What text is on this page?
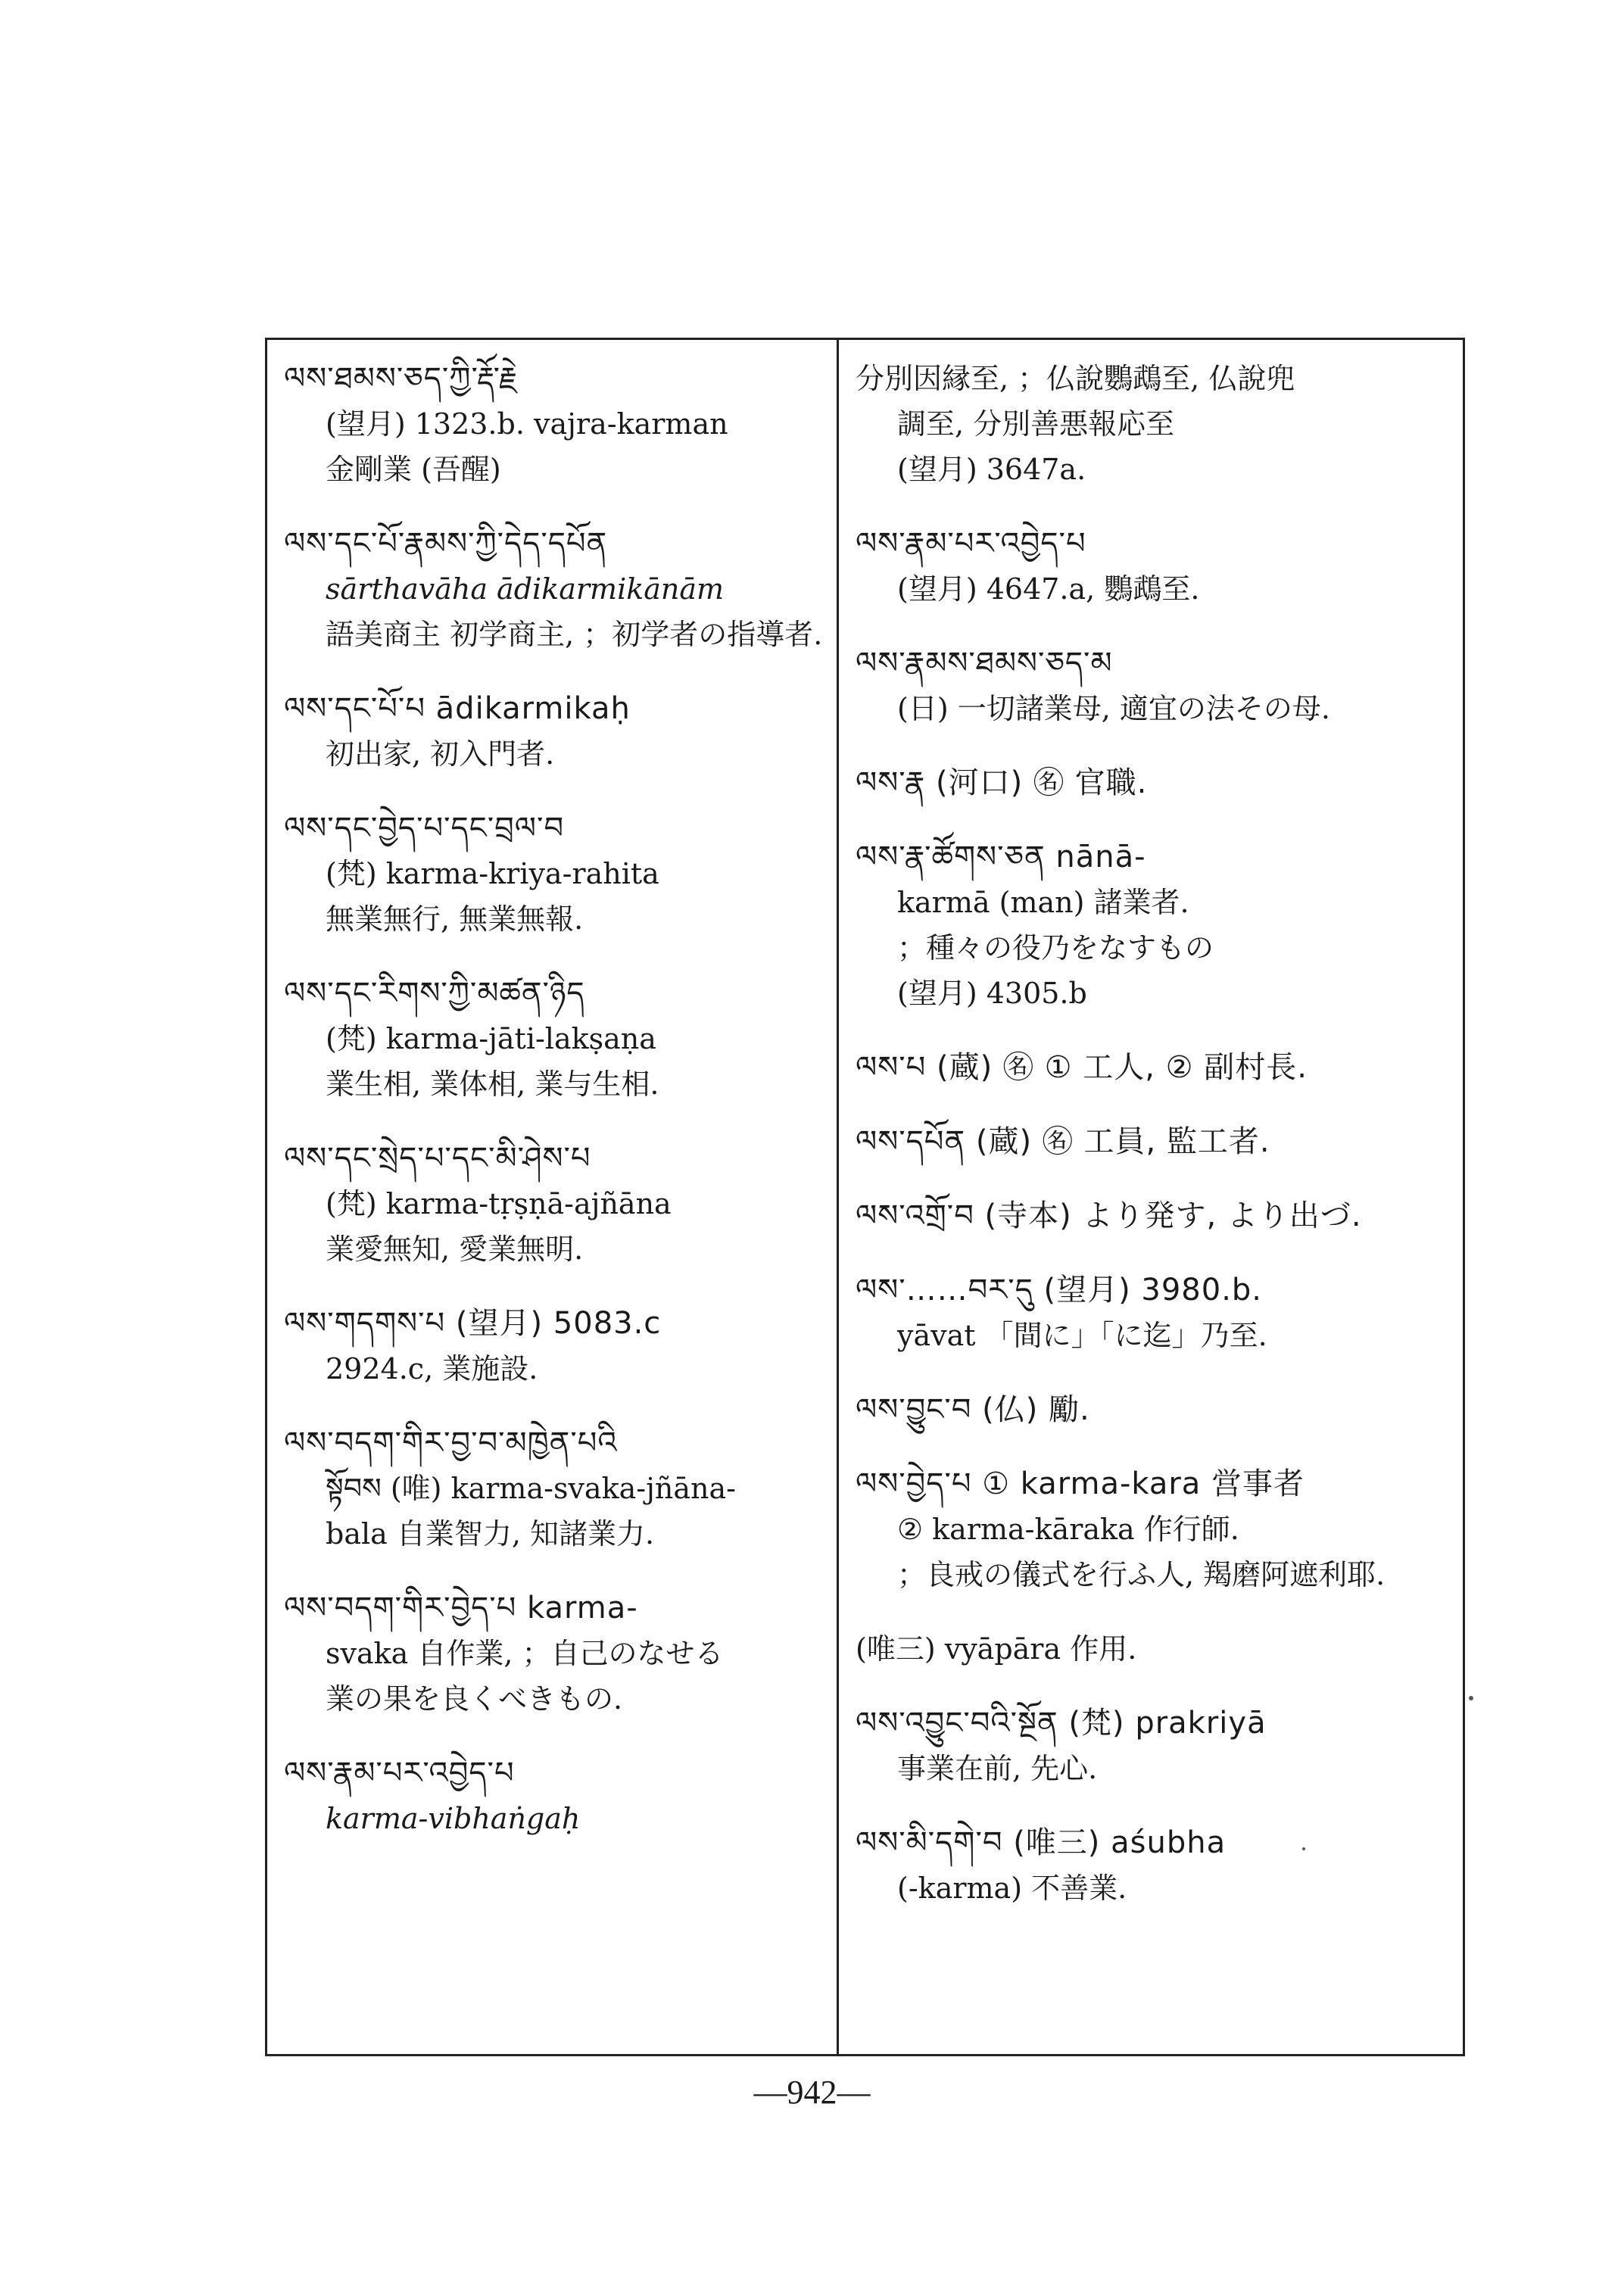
ལས་ཐམས་ཅད་ཀྱི་རྡོ་རྗེ
(望月) 1323.b. vajra-karman
金剛業 (吾醒)
ལས་དང་པོ་རྣམས་ཀྱི་དེད་དཔོན
sārthavāha ādikarmikānām
語美商主 初学商主, ；初学者の指導者.
ལས་དང་པོ་པ ādikarmikaḥ
初出家, 初入門者.
ལས་དང་བྱེད་པ་དང་བྲལ་བ
(梵) karma-kriya-rahita
無業無行, 無業無報.
ལས་དང་རིགས་ཀྱི་མཚན་ཉིད
(梵) karma-jāti-lakṣaṇa
業生相, 業体相, 業与生相.
ལས་དང་སྲེད་པ་དང་མི་ཤེས་པ
(梵) karma-tṛṣṇā-ajñāna
業愛無知, 愛業無明.
ལས་གདགས་པ (望月) 5083.c
2924.c, 業施設.
ལས་བདག་གིར་བྱ་བ་མཁྱེན་པའི
སྟོབས (唯) karma-svaka-jñāna-
bala 自業智力, 知諸業力.
ལས་བདག་གིར་བྱེད་པ karma-
svaka 自作業, ；自己のなせる
業の果を良くべきもの.
ལས་རྣམ་པར་འབྱེད་པ
karma-vibhaṅgaḥ
分別因縁至, ；仏說鸚鵡至, 仏說兜
調至, 分別善悪報応至
(望月) 3647a.
ལས་རྣམ་པར་འབྱེད་པ
(望月) 4647.a, 鸚鵡至.
ལས་རྣམས་ཐམས་ཅད་མ
(日) 一切諸業母, 適宜の法その母.
ལས་རྣ (河口) ㊔ 官職.
ལས་རྣ་ཚོགས་ཅན nānā-
karmā (man) 諸業者.
；種々の役乃をなすもの
(望月) 4305.b
ལས་པ (蔵) ㊔ ① 工人, ② 副村長.
ལས་དཔོན (蔵) ㊔ 工員, 監工者.
ལས་འགྲོ་བ (寺本) より発す, より出づ.
ལས་……བར་དུ (望月) 3980.b.
yāvat 「間に」「に迄」乃至.
ལས་བྱུང་བ (仏) 勵.
ལས་བྱེད་པ ① karma-kara 営事者
② karma-kāraka 作行師.
；良戒の儀式を行ふ人, 羯磨阿遮利耶.
(唯三) vyāpāra 作用.
ལས་འབྱུང་བའི་སྔོན (梵) prakriyā
事業在前, 先心.
ལས་མི་དགེ་བ (唯三) aśubha
(-karma) 不善業.
—942—
